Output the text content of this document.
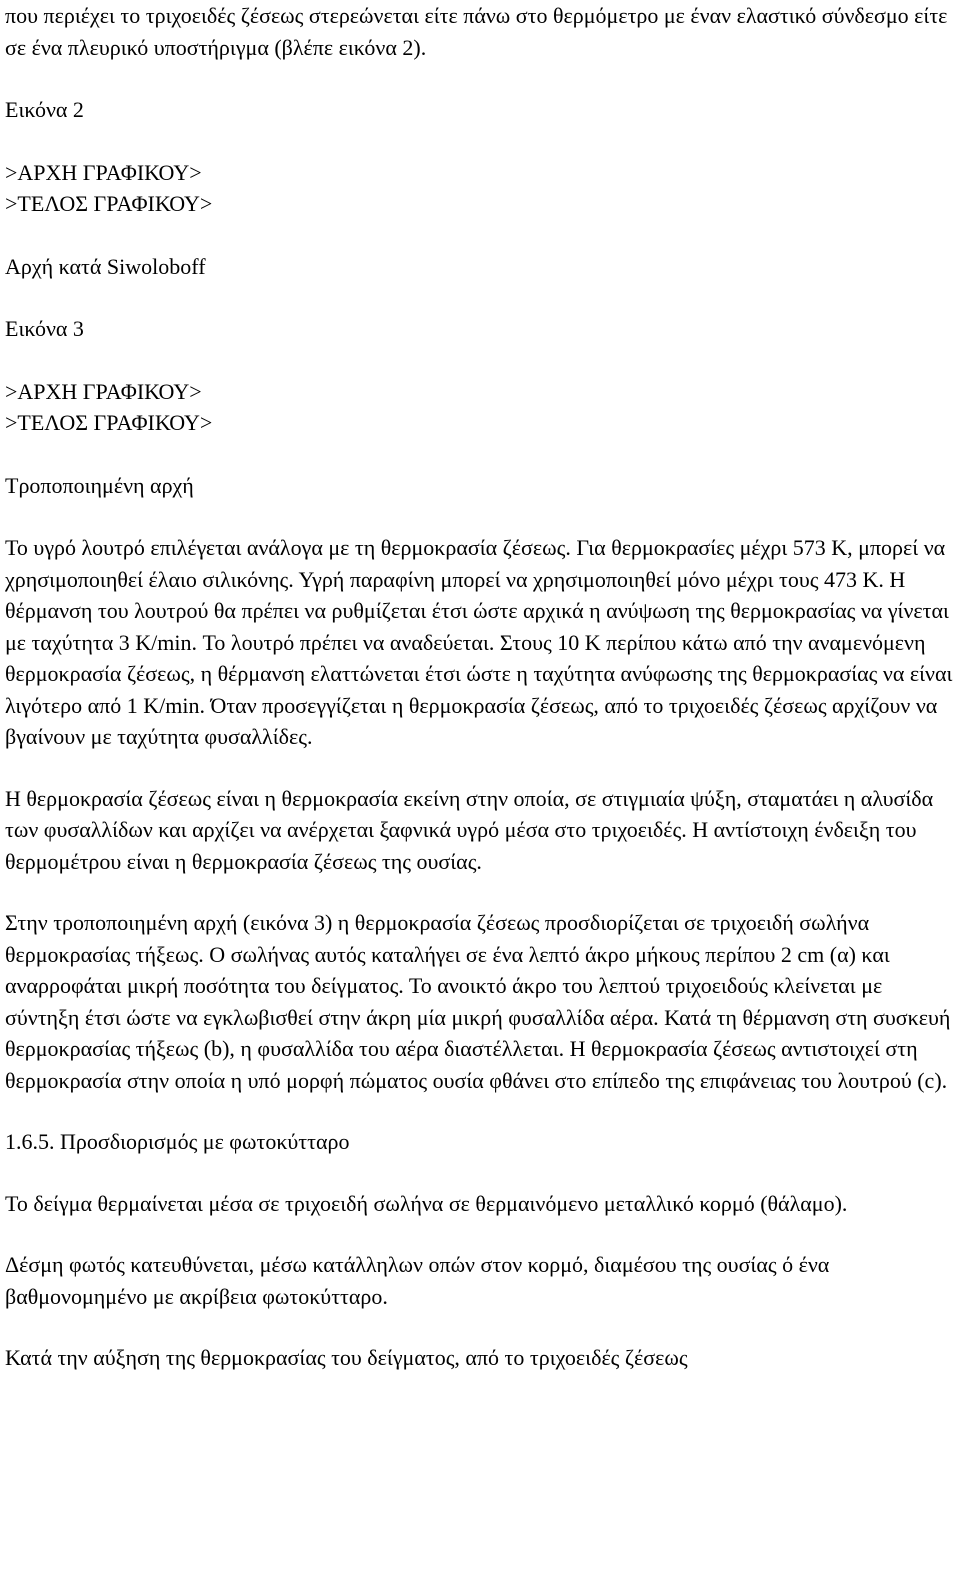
που περιέχει το τριχοειδές ζέσεως στερεώνεται είτε πάνω στο θερμόμετρο με έναν ελαστικό σύνδεσμο είτε σε ένα πλευρικό υποστήριγμα (βλέπε εικόνα 2).

Εικόνα 2

>ΑΡΧΗ ΓΡΑΦΙΚΟΥ>

>ΤΕΛΟΣ ΓΡΑΦΙΚΟΥ>

Αρχή κατά Siwoloboff

Εικόνα 3

>ΑΡΧΗ ΓΡΑΦΙΚΟΥ>

>ΤΕΛΟΣ ΓΡΑΦΙΚΟΥ>

Τροποποιημένη αρχή

Το υγρό λουτρό επιλέγεται ανάλογα με τη θερμοκρασία ζέσεως. Για θερμοκρασίες μέχρι 573 K, μπορεί να χρησιμοποιηθεί έλαιο σιλικόνης. Υγρή παραφίνη μπορεί να χρησιμοποιηθεί μόνο μέχρι τους 473 K. Η θέρμανση του λουτρού θα πρέπει να ρυθμίζεται έτσι ώστε αρχικά η ανύψωση της θερμοκρασίας να γίνεται με ταχύτητα 3 K/min. Το λουτρό πρέπει να αναδεύεται. Στους 10 K περίπου κάτω από την αναμενόμενη θερμοκρασία ζέσεως, η θέρμανση ελαττώνεται έτσι ώστε η ταχύτητα ανύφωσης της θερμοκρασίας να είναι λιγότερο από 1 K/min. Όταν προσεγγίζεται η θερμοκρασία ζέσεως, από το τριχοειδές ζέσεως αρχίζουν να βγαίνουν με ταχύτητα φυσαλλίδες.

Η θερμοκρασία ζέσεως είναι η θερμοκρασία εκείνη στην οποία, σε στιγμιαία ψύξη, σταματάει η αλυσίδα των φυσαλλίδων και αρχίζει να ανέρχεται ξαφνικά υγρό μέσα στο τριχοειδές. Η αντίστοιχη ένδειξη του θερμομέτρου είναι η θερμοκρασία ζέσεως της ουσίας.

Στην τροποποιημένη αρχή (εικόνα 3) η θερμοκρασία ζέσεως προσδιορίζεται σε τριχοειδή σωλήνα θερμοκρασίας τήξεως. Ο σωλήνας αυτός καταλήγει σε ένα λεπτό άκρο μήκους περίπου 2 cm (α) και αναρροφάται μικρή ποσότητα του δείγματος. Το ανοικτό άκρο του λεπτού τριχοειδούς κλείνεται με σύντηξη έτσι ώστε να εγκλωβισθεί στην άκρη μία μικρή φυσαλλίδα αέρα. Κατά τη θέρμανση στη συσκευή θερμοκρασίας τήξεως (b), η φυσαλλίδα του αέρα διαστέλλεται. Η θερμοκρασία ζέσεως αντιστοιχεί στη θερμοκρασία στην οποία η υπό μορφή πώματος ουσία φθάνει στο επίπεδο της επιφάνειας του λουτρού (c).

1.6.5. Προσδιορισμός με φωτοκύτταρο

Το δείγμα θερμαίνεται μέσα σε τριχοειδή σωλήνα σε θερμαινόμενο μεταλλικό κορμό (θάλαμο).

Δέσμη φωτός κατευθύνεται, μέσω κατάλληλων οπών στον κορμό, διαμέσου της ουσίας ό ένα βαθμονομημένο με ακρίβεια φωτοκύτταρο.

Κατά την αύξηση της θερμοκρασίας του δείγματος, από το τριχοειδές ζέσεως
